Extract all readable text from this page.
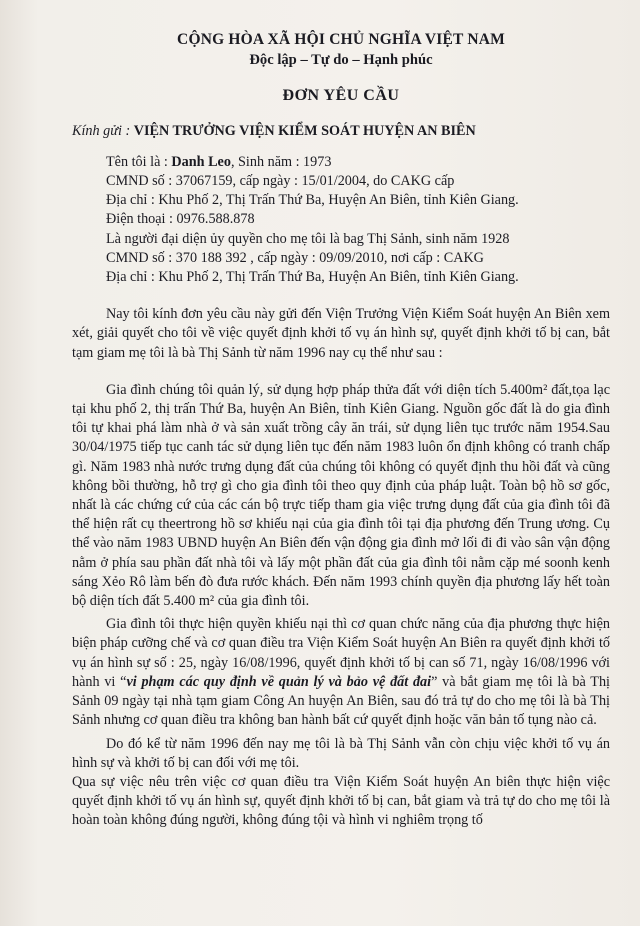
CỘNG HÒA XÃ HỘI CHỦ NGHĨA VIỆT NAM
Độc lập – Tự do – Hạnh phúc
ĐƠN YÊU CẦU
Kính gửi : VIỆN TRƯỞNG VIỆN KIỂM SOÁT HUYỆN AN BIÊN
Tên tôi là : Danh Leo, Sinh năm : 1973
CMND số : 37067159, cấp ngày : 15/01/2004, do CAKG cấp
Địa chỉ : Khu Phố 2, Thị Trấn Thứ Ba, Huyện An Biên, tỉnh Kiên Giang.
Điện thoại : 0976.588.878
Là người đại diện ủy quyền cho mẹ tôi là bag Thị Sảnh, sinh năm 1928
CMND số : 370 188 392 , cấp ngày : 09/09/2010, nơi cấp : CAKG
Địa chỉ : Khu Phố 2, Thị Trấn Thứ Ba, Huyện An Biên, tỉnh Kiên Giang.

Nay tôi kính đơn yêu cầu này gửi đến Viện Trưởng Viện Kiểm Soát huyện An Biên xem xét, giải quyết cho tôi về việc quyết định khởi tố vụ án hình sự, quyết định khởi tố bị can, bắt tạm giam mẹ tôi là bà Thị Sảnh từ năm 1996 nay cụ thể như sau :

Gia đình chúng tôi quản lý, sử dụng hợp pháp thửa đất với diện tích 5.400m² đất,tọa lạc tại khu phố 2, thị trấn Thứ Ba, huyện An Biên, tỉnh Kiên Giang. Nguồn gốc đất là do gia đình tôi tự khai phá làm nhà ở và sản xuất trồng cây ăn trái, sử dụng liên tục trước năm 1954.Sau 30/04/1975 tiếp tục canh tác sử dụng liên tục đến năm 1983 luôn ổn định không có tranh chấp gì. Năm 1983 nhà nước trưng dụng đất của chúng tôi không có quyết định thu hồi đất và cũng không bồi thường, hỗ trợ gì cho gia đình tôi theo quy định của pháp luật. Toàn bộ hồ sơ gốc, nhất là các chứng cứ của các cán bộ trực tiếp tham gia việc trưng dụng đất của gia đình tôi đã thể hiện rất cụ theertrong hồ sơ khiếu nại của gia đình tôi tại địa phương đến Trung ương. Cụ thể vào năm 1983 UBND huyện An Biên đến vận động gia đình mở lối đi đi vào sân vận động nằm ở phía sau phần đất nhà tôi và lấy một phần đất của gia đình tôi nằm cặp mé soonh kenh sáng Xẻo Rô làm bến đò đưa rước khách. Đến năm 1993 chính quyền địa phương lấy hết toàn bộ diện tích đất 5.400 m² của gia đình tôi.

Gia đình tôi thực hiện quyền khiếu nại thì cơ quan chức năng của địa phương thực hiện biện pháp cưỡng chế và cơ quan điều tra Viện Kiểm Soát huyện An Biên ra quyết định khởi tố vụ án hình sự số : 25, ngày 16/08/1996, quyết định khởi tố bị can số 71, ngày 16/08/1996 với hành vi “vi phạm các quy định về quản lý và bảo vệ đất đai” và bắt giam mẹ tôi là bà Thị Sảnh 09 ngày tại nhà tạm giam Công An huyện An Biên, sau đó trả tự do cho mẹ tôi là bà Thị Sảnh nhưng cơ quan điều tra không ban hành bất cứ quyết định hoặc văn bản tố tụng nào cả.

Do đó kể từ năm 1996 đến nay mẹ tôi là bà Thị Sảnh vẫn còn chịu việc khởi tố vụ án hình sự và khởi tố bị can đối với mẹ tôi.

Qua sự việc nêu trên việc cơ quan điều tra Viện Kiểm Soát huyện An biên thực hiện việc quyết định khởi tố vụ án hình sự, quyết định khởi tố bị can, bắt giam và trả tự do cho mẹ tôi là hoàn toàn không đúng người, không đúng tội và hình vi nghiêm trọng tố
